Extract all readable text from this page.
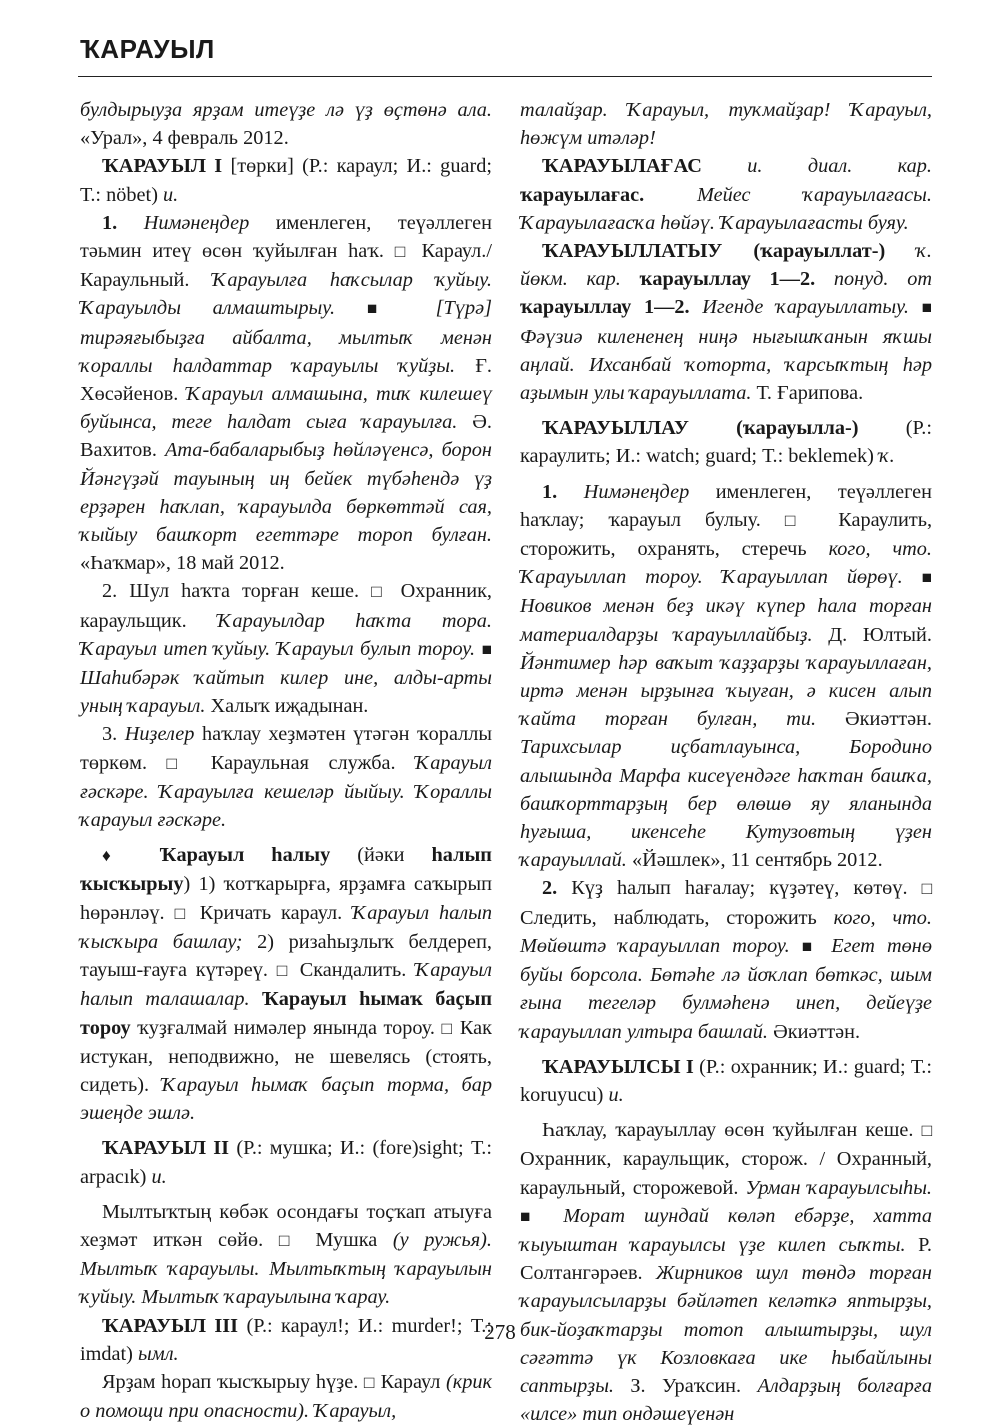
ҠАРАУЫЛ

булдырыуҙа ярҙам итеүҙе лә үҙ өҫтөнә ала. «Урал», 4 февраль 2012.

ҠАРАУЫЛ I [төрки] (Р.: караул; И.: guard; Т.: nöbet) и.

1. Нимәнеңдер именлеген, теүәллеген тәьмин итеү өсөн ҡуйылған һаҡ. □ Караул./ Караульный. Ҡарауылға һаҡсылар ҡуйыу. Ҡарауылды алмаштырыу. ■ [Түрә] тирәяғыбыҙға айбалта, мылтыҡ менән ҡораллы һалдаттар ҡарауылы ҡуйҙы. Ғ. Хөсәйенов. Ҡарауыл алмашына, тиҡ килешеү буйынса, теге һалдат сыға ҡарауылға. Ә. Вахитов. Ата-бабаларыбыҙ һөйләүенсә, борон Йәнгүҙәй тауының иң бейек түбәһендә үҙ ерҙәрен һаҡлап, ҡарауылда бөркөттәй сая, ҡыйыу башҡорт егеттәре тороп булған. «Һаҡмар», 18 май 2012.

2. Шул һаҡта торған кеше. □ Охранник, караульщик. Ҡарауылдар һаҡта тора. Ҡарауыл итеп ҡуйыу. Ҡарауыл булып тороу. ■ Шаһибәрәк ҡайтып килер ине, алды-арты уның ҡарауыл. Халыҡ иҗадынан.

3. Ниҙелер һаҡлау хеҙмәтен үтәгән ҡораллы төркөм. □ Караульная служба. Ҡарауыл ғәскәре. Ҡарауылға кешеләр йыйыу. Ҡораллы ҡарауыл ғәскәре.

♦ Ҡарауыл һалыу (йәки һалып ҡысҡырыу) 1) ҡотҡарырға, ярҙамға саҡырып һөрәнләү. □ Кричать караул. Ҡарауыл һалып ҡысҡыра башлау; 2) ризаһыҙлыҡ белдереп, тауыш-ғауға күтәреү. □ Скандалить. Ҡарауыл һалып талашалар. Ҡарауыл һымаҡ баҫып тороу ҡуҙғалмай нимәлер янында тороу. □ Как истукан, неподвижно, не шевелясь (стоять, сидеть). Ҡарауыл һымаҡ баҫып торма, бар эшеңде эшлә.

ҠАРАУЫЛ II (Р.: мушка; И.: (fore)sight; Т.: arpacık) и.

Мылтыҡтың көбәк осондағы тоҫҡап атыуға хеҙмәт иткән сөйө. □ Мушка (у ружья). Мылтыҡ ҡарауылы. Мылтыҡтың ҡарауылын ҡуйыу. Мылтыҡ ҡарауылына ҡарау.

ҠАРАУЫЛ III (Р.: караул!; И.: murder!; Т.: imdat) ымл.

Ярҙам һорап ҡысҡырыу һүҙе. □ Караул (крик о помощи при опасности). Ҡарауыл,

талайҙар. Ҡарауыл, туҡмайҙар! Ҡарауыл, һөжүм итәләр!

ҠАРАУЫЛАҒАС и. диал. кар. ҡарауылағас. Мейес ҡарауылағасы. Ҡарауылағасҡа һөйәү. Ҡарауылағасты буяу.

ҠАРАУЫЛЛАТЫУ (ҡарауыллат-) ҡ. йөкм. кар. ҡарауыллау 1—2. понуд. от ҡарауыллау 1—2. Игенде ҡарауыллатыу. ■ Фәүзиә килененең ниңә нығышҡанын яҡшы аңлай. Ихсанбай ҡоторта, ҡарсыҡтың һәр аҙымын улы ҡарауыллата. Т. Ғарипова.

ҠАРАУЫЛЛАУ (ҡарауылла-) (Р.: караулить; И.: watch; guard; Т.: beklemek) ҡ.

1. Нимәнеңдер именлеген, теүәллеген һаҡлау; ҡарауыл булыу. □ Караулить, сторожить, охранять, стеречь кого, что. Ҡарауыллап тороу. Ҡарауыллап йөрөү. ■ Новиков менән беҙ икәү күпер һала торған материалдарҙы ҡарауыллайбыҙ. Д. Юлтый. Йәнтимер һәр ваҡыт ҡаҙҙарҙы ҡарауыллаған, иртә менән ырҙынға ҡыуған, ә кисен алып ҡайта торған булған, ти. Әкиәттән. Тарихсылар иҫбатлауынса, Бородино алышында Марфа кисеүендәге һаҡтан башҡа, башҡорттарҙың бер өлөшө яу яланында һуғыша, икенсеһе Кутузовтың үҙен ҡарауыллай. «Йәшлек», 11 сентябрь 2012.

2. Күҙ һалып һағалау; күҙәтеү, көтөү. □ Следить, наблюдать, сторожить кого, что. Мөйөштә ҡарауыллап тороу. ■ Егет төнө буйы борсола. Бөтәһе лә йоҡлап бөткәс, шым ғына тегеләр булмәһенә инеп, дейеүҙе ҡарауыллап ултыра башлай. Әкиәттән.

ҠАРАУЫЛСЫ I (Р.: охранник; И.: guard; Т.: koruyucu) и.

Һаҡлау, ҡарауыллау өсөн ҡуйылған кеше. □ Охранник, караульщик, сторож. / Охранный, караульный, сторожевой. Урман ҡарауылсыһы. ■ Морат шундай көләп ебәрҙе, хатта ҡыуыштан ҡарауылсы үҙе килеп сыҡты. Р. Солтангәрәев. Жирников шул төндә торған ҡарауылсыларҙы бәйләтеп келәткә яптырҙы, бик-йоҙаҡтарҙы тотоп алыштырҙы, шул сәғәттә үк Козловкаға ике һыбайлыны саптырҙы. З. Ураҡсин. Алдарҙың болғарға «илсе» тип ондәшеүенән

278
